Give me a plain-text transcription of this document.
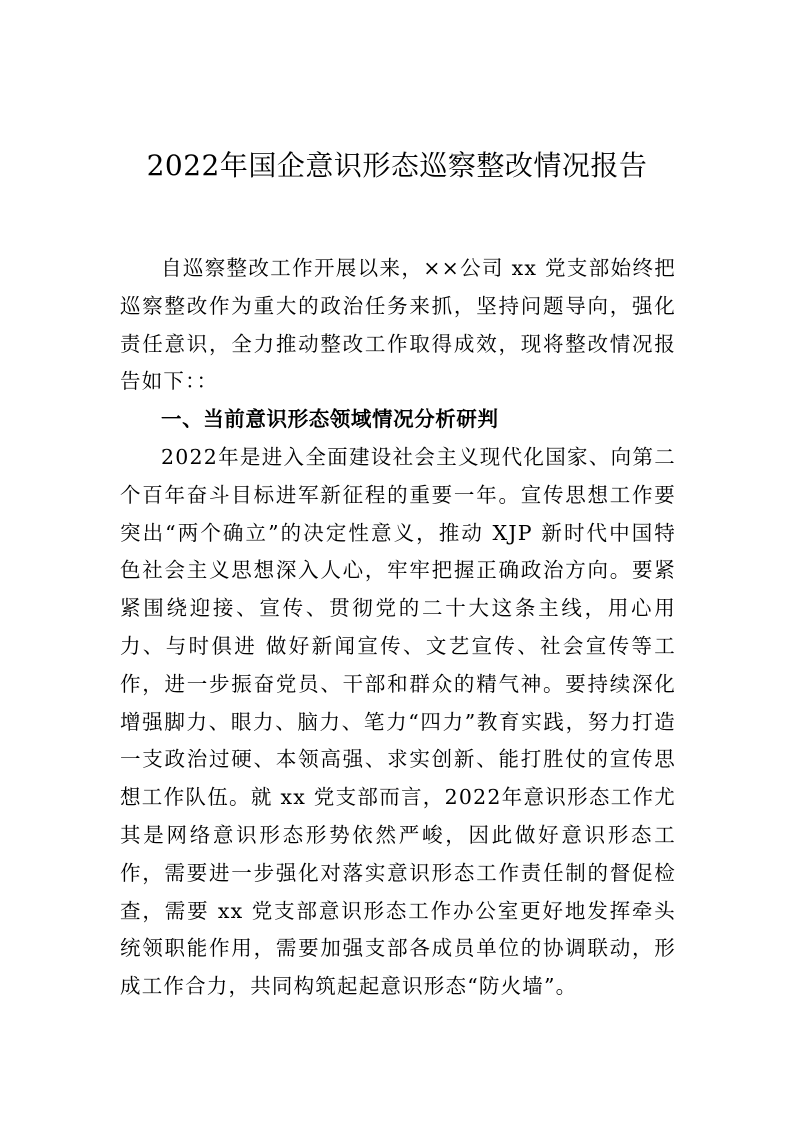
2022年国企意识形态巡察整改情况报告

自巡察整改工作开展以来，××公司 xx 党支部始终把巡察整改作为重大的政治任务来抓，坚持问题导向，强化责任意识，全力推动整改工作取得成效，现将整改情况报告如下：：

一、当前意识形态领域情况分析研判

2022年是进入全面建设社会主义现代化国家、向第二个百年奋斗目标进军新征程的重要一年。宣传思想工作要突出“两个确立”的决定性意义，推动 XJP 新时代中国特色社会主义思想深入人心，牢牢把握正确政治方向。要紧紧围绕迎接、宣传、贯彻党的二十大这条主线，用心用力、与时俱进 做好新闻宣传、文艺宣传、社会宣传等工作，进一步振奋党员、干部和群众的精气神。要持续深化增强脚力、眼力、脑力、笔力“四力”教育实践，努力打造一支政治过硬、本领高强、求实创新、能打胜仗的宣传思想工作队伍。就 xx 党支部而言，2022年意识形态工作尤其是网络意识形态形势依然严峻，因此做好意识形态工作，需要进一步强化对落实意识形态工作责任制的督促检查，需要 xx 党支部意识形态工作办公室更好地发挥牵头统领职能作用，需要加强支部各成员单位的协调联动，形成工作合力，共同构筑起起意识形态“防火墙”。
